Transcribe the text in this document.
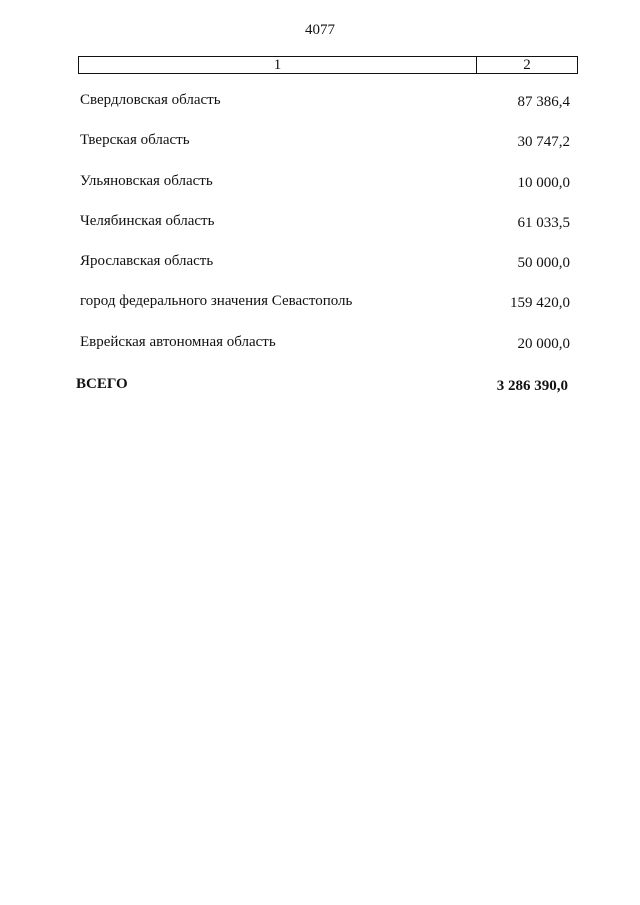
4077
1	2
Свердловская область	87 386,4
Тверская область	30 747,2
Ульяновская область	10 000,0
Челябинская область	61 033,5
Ярославская область	50 000,0
город федерального значения Севастополь	159 420,0
Еврейская автономная область	20 000,0
ВСЕГО	3 286 390,0
